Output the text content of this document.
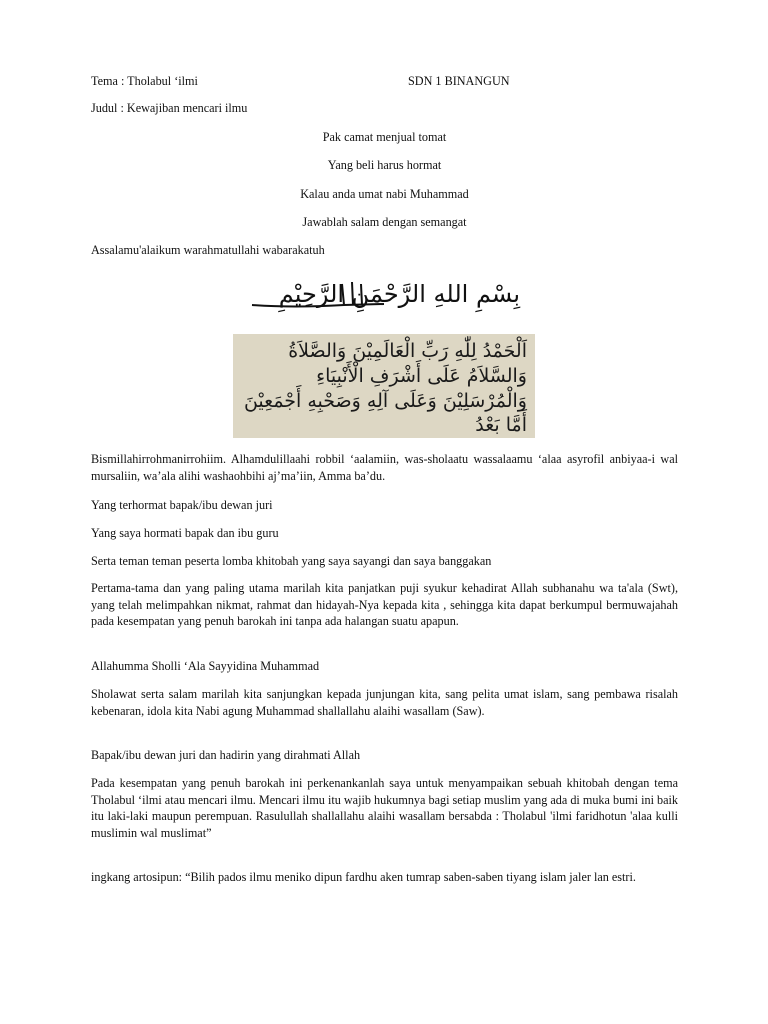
Tema : Tholabul ‘ilmi	SDN 1 BINANGUN

Judul : Kewajiban mencari ilmu

Pak camat menjual tomat

Yang beli harus hormat

Kalau anda umat nabi Muhammad

Jawablah salam dengan semangat

Assalamu'alaikum warahmatullahi wabarakatuh

بِسْمِ اللهِ الرَّحْمَنِ الرَّحِيْمِ

اَلْحَمْدُ لِلّٰهِ رَبِّ الْعَالَمِيْنَ وَالصَّلاَةُ

وَالسَّلاَمُ عَلَى أَشْرَفِ الْأَنْبِيَاءِ

وَالْمُرْسَلِيْنَ وَعَلَى آلِهِ وَصَحْبِهِ أَجْمَعِيْنَ

أَمَّا بَعْدُ

Bismillahirrohmanirrohiim. Alhamdulillaahi robbil ‘aalamiin, was-sholaatu wassalaamu ‘alaa asyrofil anbiyaa-i wal mursaliin, wa’ala alihi washaohbihi aj’ma’iin, Amma ba’du.

Yang terhormat bapak/ibu dewan juri

Yang saya hormati bapak dan ibu guru

Serta teman teman peserta lomba khitobah yang saya sayangi dan saya banggakan

Pertama-tama dan yang paling utama marilah kita panjatkan puji syukur kehadirat Allah subhanahu wa ta'ala (Swt), yang telah melimpahkan nikmat, rahmat dan hidayah-Nya kepada kita , sehingga kita dapat berkumpul bermuwajahah pada kesempatan yang penuh barokah ini tanpa ada halangan suatu apapun.

Allahumma Sholli ‘Ala Sayyidina Muhammad

Sholawat serta salam marilah kita sanjungkan kepada junjungan kita, sang pelita umat islam, sang pembawa risalah kebenaran, idola kita Nabi agung Muhammad shallallahu alaihi wasallam (Saw).

Bapak/ibu dewan juri dan hadirin yang dirahmati Allah

Pada kesempatan yang penuh barokah ini perkenankanlah saya untuk menyampaikan sebuah khitobah dengan tema Tholabul ‘ilmi atau mencari ilmu. Mencari ilmu itu wajib hukumnya bagi setiap muslim yang ada di muka bumi ini baik itu laki-laki maupun perempuan. Rasulullah shallallahu alaihi wasallam bersabda : Tholabul 'ilmi faridhotun 'alaa kulli muslimin wal muslimat”

ingkang artosipun: “Bilih pados ilmu meniko dipun fardhu aken tumrap saben-saben tiyang islam jaler lan estri.
